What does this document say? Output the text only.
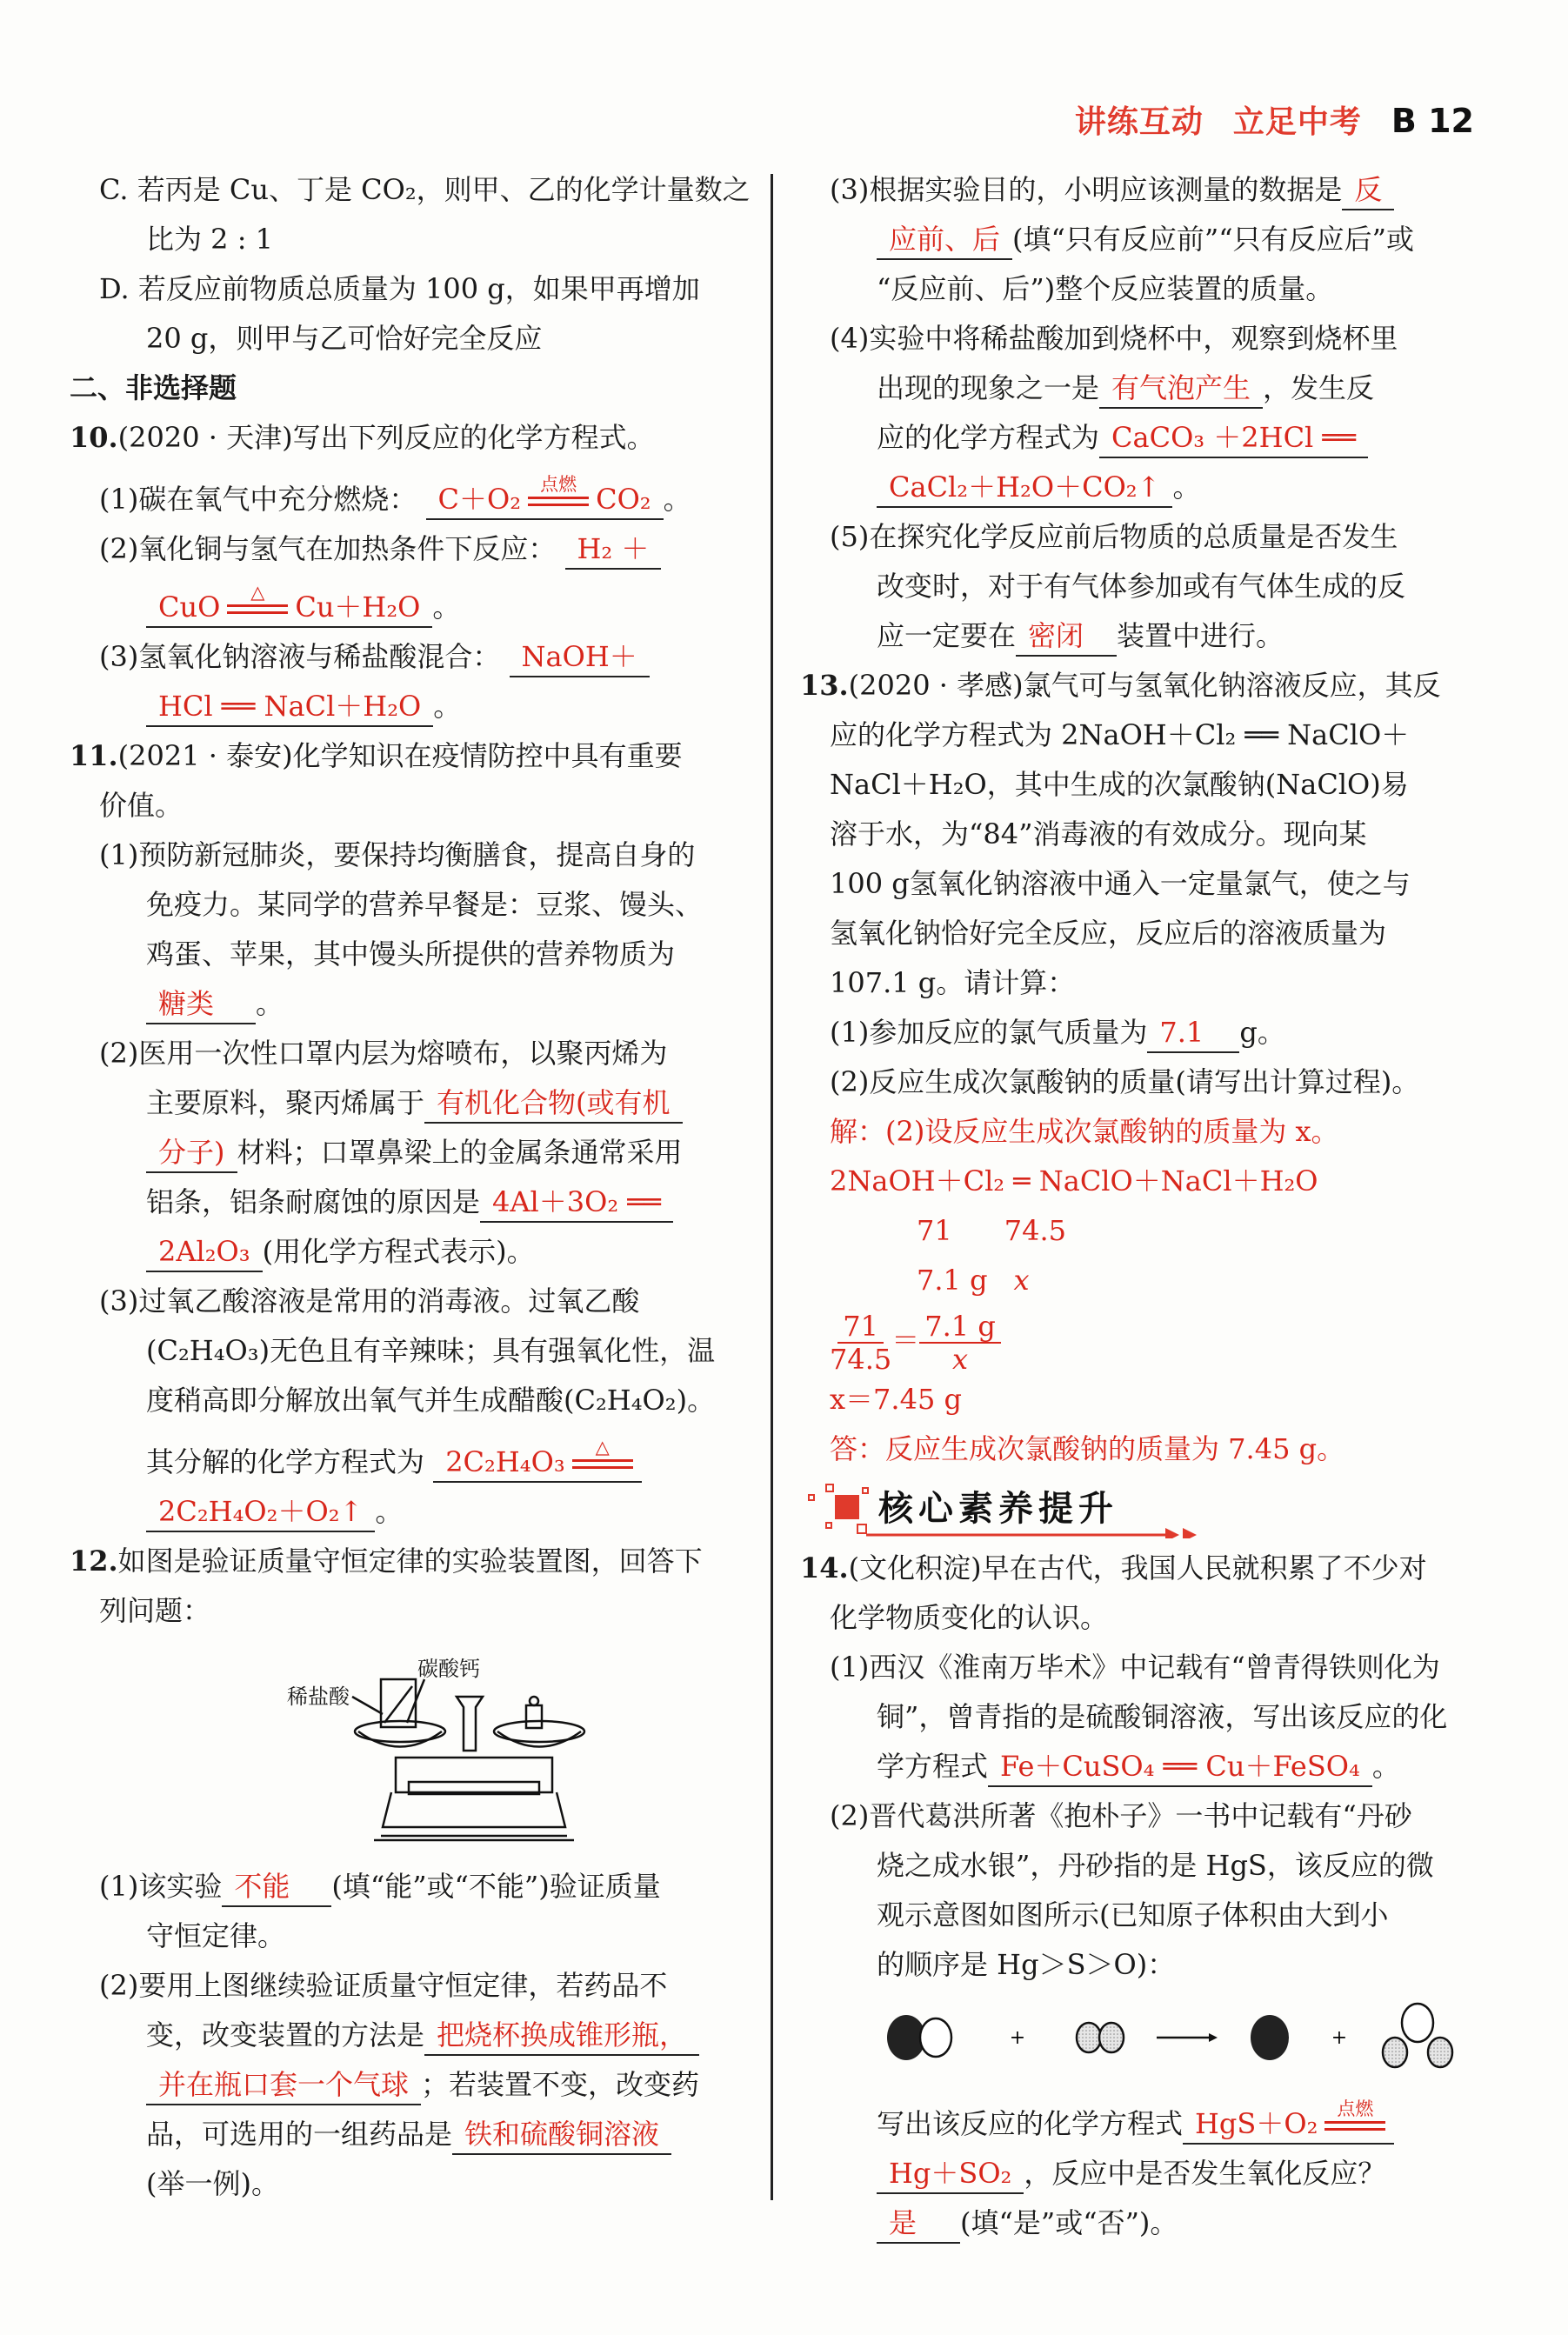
讲练互动 立足中考 B 12
C. 若丙是 Cu、丁是 CO₂，则甲、乙的化学计量数之
比为 2 : 1
D. 若反应前物质总质量为 100 g，如果甲再增加
20 g，则甲与乙可恰好完全反应
二、非选择题
10.(2020 · 天津)写出下列反应的化学方程式。
(1)碳在氧气中充分燃烧： C＋O₂	点燃 CO₂ 。
(2)氧化铜与氢气在加热条件下反应： H₂ ＋
CuO	△	Cu＋H₂O 。
(3)氢氧化钠溶液与稀盐酸混合： NaOH＋
HCl ══ NaCl＋H₂O 。
11.(2021 · 泰安)化学知识在疫情防控中具有重要
价值。
(1)预防新冠肺炎，要保持均衡膳食，提高自身的
免疫力。某同学的营养早餐是：豆浆、馒头、
鸡蛋、苹果，其中馒头所提供的营养物质为
糖类 。
(2)医用一次性口罩内层为熔喷布，以聚丙烯为
主要原料，聚丙烯属于 有机化合物(或有机
分子) 材料；口罩鼻梁上的金属条通常采用
铝条，铝条耐腐蚀的原因是 4Al＋3O₂ ══
2Al₂O₃ (用化学方程式表示)。
(3)过氧乙酸溶液是常用的消毒液。过氧乙酸
(C₂H₄O₃)无色且有辛辣味；具有强氧化性，温
度稍高即分解放出氧气并生成醋酸(C₂H₄O₂)。
其分解的化学方程式为 2C₂H₄O₃	△
2C₂H₄O₂＋O₂↑ 。
12.如图是验证质量守恒定律的实验装置图，回答下
列问题：
稀盐酸
碳酸钙
(1)该实验 不能 (填“能”或“不能”)验证质量
守恒定律。
(2)要用上图继续验证质量守恒定律，若药品不
变，改变装置的方法是 把烧杯换成锥形瓶，
并在瓶口套一个气球 ；若装置不变，改变药
品，可选用的一组药品是 铁和硫酸铜溶液
(举一例)。
(3)根据实验目的，小明应该测量的数据是 反
应前、后 (填“只有反应前”“只有反应后”或
“反应前、后”)整个反应装置的质量。
(4)实验中将稀盐酸加到烧杯中，观察到烧杯里
出现的现象之一是 有气泡产生 ，发生反
应的化学方程式为 CaCO₃ ＋2HCl ══
CaCl₂＋H₂O＋CO₂↑ 。
(5)在探究化学反应前后物质的总质量是否发生
改变时，对于有气体参加或有气体生成的反
应一定要在 密闭 装置中进行。
13.(2020 · 孝感)氯气可与氢氧化钠溶液反应，其反
应的化学方程式为 2NaOH＋Cl₂ ══ NaClO＋
NaCl＋H₂O，其中生成的次氯酸钠(NaClO)易
溶于水，为“84”消毒液的有效成分。现向某
100 g氢氧化钠溶液中通入一定量氯气，使之与
氢氧化钠恰好完全反应，反应后的溶液质量为
107.1 g。请计算：
(1)参加反应的氯气质量为 7.1 g。
(2)反应生成次氯酸钠的质量(请写出计算过程)。
解：(2)设反应生成次氯酸钠的质量为 x。
2NaOH＋Cl₂ ═ NaClO＋NaCl＋H₂O
71 74.5
7.1 g x
$\frac{71}{74.5} = \frac{7.1 g}{x}$
x＝7.45 g
答：反应生成次氯酸钠的质量为 7.45 g。
核心素养提升
14.(文化积淀)早在古代，我国人民就积累了不少对
化学物质变化的认识。
(1)西汉《淮南万毕术》中记载有“曾青得铁则化为
铜”，曾青指的是硫酸铜溶液，写出该反应的化
学方程式 Fe＋CuSO₄ ══ Cu＋FeSO₄ 。
(2)晋代葛洪所著《抱朴子》一书中记载有“丹砂
烧之成水银”，丹砂指的是 HgS，该反应的微
观示意图如图所示(已知原子体积由大到小
的顺序是 Hg＞S＞O)：
+	+
写出该反应的化学方程式 HgS＋O₂	点燃
Hg＋SO₂ ，反应中是否发生氧化反应？
是 (填“是”或“否”)。
